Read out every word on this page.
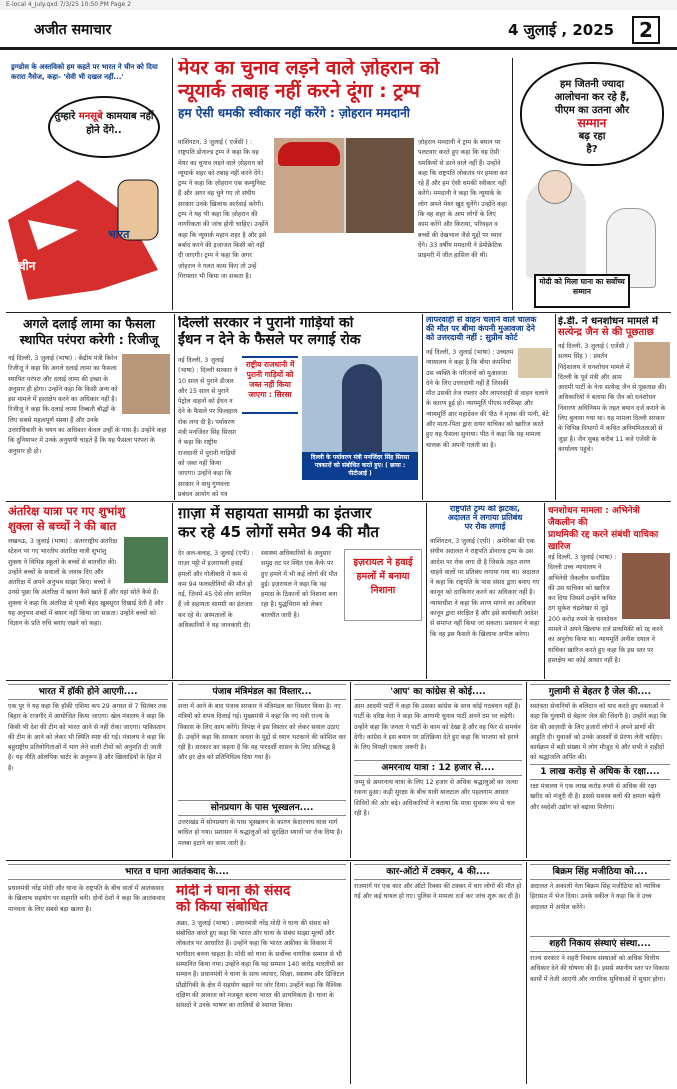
E-local 4_July.qxd 7/3/25 10:50 PM Page 2
अजीत समाचार	4 जुलाई , 2025	2
ड्रग्ग्डोस के अस्तविको हम कहते पर भारत ने चीन को दिया करारा नैसेज, कहा- 'सेवी भी दखल नहीं...'
तुम्हारे मनसूबे कामयाब नहीं होने देंगे..
चीन
भारत
मेयर का चुनाव लड़ने वाले ज़ोहरान को
न्यूयार्क तबाह नहीं करने दूंगा : ट्रम्प
हम ऐसी धमकी स्वीकार नहीं करेंगे : ज़ोहरान ममदानी
वाशिंगटन, 3 जुलाई ( एजेंसी ) : राष्ट्रपति डोनाल्ड ट्रम्प ने कहा कि वह मेयर का चुनाव लड़ने वाले ज़ोहरान को न्यूयार्क शहर को तबाह नहीं करने देंगे। ट्रम्प ने कहा कि ज़ोहरान एक कम्युनिस्ट हैं और अगर वह चुने गए तो संघीय सरकार उनके खिलाफ कार्रवाई करेगी। ट्रम्प ने यह भी कहा कि ज़ोहरान की नागरिकता की जांच होनी चाहिए। उन्होंने कहा कि न्यूयार्क महान शहर है और इसे बर्बाद करने की इजाजत किसी को नहीं दी जाएगी। ट्रम्प ने कहा कि अगर ज़ोहरान ने गलत काम किए तो उन्हें गिरफ्तार भी किया जा सकता है।
ज़ोहरान ममदानी ने ट्रम्प के बयान पर पलटवार करते हुए कहा कि वह ऐसी धमकियों से डरने वाले नहीं हैं। उन्होंने कहा कि राष्ट्रपति लोकतंत्र पर हमला कर रहे हैं और हम ऐसी धमकी स्वीकार नहीं करेंगे। ममदानी ने कहा कि न्यूयार्क के लोग अपने मेयर खुद चुनेंगे। उन्होंने कहा कि वह शहर के आम लोगों के लिए काम करेंगे और किराया, परिवहन व बच्चों की देखभाल जैसे मुद्दों पर ध्यान देंगे। 33 वर्षीय ममदानी ने डेमोक्रेटिक प्राइमरी में जीत हासिल की थी।
हम जितनी ज्यादा
आलोचना कर रहे हैं,
पीएम का उतना और
सम्मान
बढ़ रहा
है?
मोदी को मिला घाना का सर्वोच्च सम्मान
अगले दलाई लामा का फैसला स्थापित परंपरा करेगी : रिजीजू
नई दिल्ली, 3 जुलाई (भाषा) : केंद्रीय मंत्री किरेन रिजीजू ने कहा कि अगले दलाई लामा का फैसला स्थापित परंपरा और दलाई लामा की इच्छा के अनुसार ही होगा। उन्होंने कहा कि किसी अन्य को इस मामले में हस्तक्षेप करने का अधिकार नहीं है। रिजीजू ने कहा कि दलाई लामा तिब्बती बौद्धों के लिए सबसे महत्वपूर्ण संस्था हैं और उनके उत्तराधिकारी के चयन का अधिकार केवल उन्हीं के पास है। उन्होंने कहा कि दुनियाभर में उनके अनुयायी चाहते हैं कि यह फैसला परंपरा के अनुसार ही हो।
दिल्ली सरकार ने पुरानी गाड़ियों को
ईंधन न देने के फैसले पर लगाई रोक
नई दिल्ली, 3 जुलाई (भाषा) : दिल्ली सरकार ने 10 साल से पुराने डीजल और 15 साल से पुराने पेट्रोल वाहनों को ईंधन न देने के फैसले पर फिलहाल रोक लगा दी है। पर्यावरण मंत्री मनजिंदर सिंह सिरसा ने कहा कि राष्ट्रीय राजधानी में पुरानी गाड़ियों को जब्त नहीं किया जाएगा। उन्होंने कहा कि सरकार ने वायु गुणवत्ता प्रबंधन आयोग को पत्र
राष्ट्रीय राजधानी में पुरानी गाड़ियों को जब्त नहीं किया जाएगा : सिरसा
दिल्ली के पर्यावरण मंत्री मनजिंदर सिंह सिरसा पत्रकारों को संबोधित करते हुए। ( छाया : पीटीआई )
लापरवाही से वाहन चलाने वाले चालक
की मौत पर बीमा कंपनी मुआवजा देने
को उत्तरदायी नहीं : सुप्रीम कोर्ट
नई दिल्ली, 3 जुलाई (भाषा) : उच्चतम न्यायालय ने कहा है कि बीमा कंपनियां उस व्यक्ति के परिजनों को मुआवजा देने के लिए उत्तरदायी नहीं हैं जिसकी मौत उसकी तेज रफ्तार और लापरवाही से वाहन चलाने के कारण हुई हो। न्यायमूर्ति पीएस नरसिम्हा और न्यायमूर्ति आर महादेवन की पीठ ने मृतक की पत्नी, बेटे और माता-पिता द्वारा दायर याचिका को खारिज करते हुए यह फैसला सुनाया। पीठ ने कहा कि यह मामला चालक की अपनी गलती का है।
ई.डी. ने धनशोधन मामले में
सत्येन्द्र जैन से की पूछताछ
नई दिल्ली, 3 जुलाई ( एजेंसी / सत्यम सिंह ) : प्रवर्तन निदेशालय ने धनशोधन मामले में दिल्ली के पूर्व मंत्री और आम आदमी पार्टी के नेता सत्येन्द्र जैन से पूछताछ की। अधिकारियों ने बताया कि जैन को धनशोधन निवारण अधिनियम के तहत बयान दर्ज कराने के लिए बुलाया गया था। यह मामला दिल्ली सरकार के विभिन्न विभागों में कथित अनियमितताओं से जुड़ा है। जैन सुबह करीब 11 बजे एजेंसी के कार्यालय पहुंचे।
अंतरिक्ष यात्रा पर गए शुभांशु
शुक्ला से बच्चों ने की बात
लखनऊ, 3 जुलाई (भाषा) : अंतरराष्ट्रीय अंतरिक्ष स्टेशन पर गए भारतीय अंतरिक्ष यात्री शुभांशु शुक्ला ने विभिन्न स्कूलों के बच्चों से बातचीत की। उन्होंने बच्चों के सवालों के जवाब दिए और अंतरिक्ष में अपने अनुभव साझा किए। बच्चों ने उनसे पूछा कि अंतरिक्ष में खाना कैसे खाते हैं और वहां सोते कैसे हैं। शुक्ला ने कहा कि अंतरिक्ष से पृथ्वी बेहद खूबसूरत दिखाई देती है और यह अनुभव शब्दों में बयान नहीं किया जा सकता। उन्होंने बच्चों को विज्ञान के प्रति रुचि बनाए रखने को कहा।
ग़ाज़ा में सहायता सामग्री का इंतजार
कर रहे 45 लोगों समेत 94 की मौत
देर अल-बलाह, 3 जुलाई (एपी) : ग़ाज़ा पट्टी में इज़रायली हवाई हमलों और गोलीबारी में कम से कम 94 फलस्तीनियों की मौत हो गई, जिनमें 45 ऐसे लोग शामिल हैं जो सहायता सामग्री का इंतजार कर रहे थे। अस्पतालों के अधिकारियों ने यह जानकारी दी। स्वास्थ्य अधिकारियों के अनुसार समुद्र तट पर स्थित एक कैफे पर हुए हमले में भी कई लोगों की मौत हुई। इज़रायल ने कहा कि वह हमास के ठिकानों को निशाना बना रहा है। युद्धविराम को लेकर बातचीत जारी है।
इज़रायल ने हवाई हमलों में बनाया निशाना
राष्ट्रपति ट्रम्प को झटका,
अदालत ने लगाया प्रतिबंध
पर रोक लगाई
वाशिंगटन, 3 जुलाई (एपी) : अमेरिका की एक संघीय अदालत ने राष्ट्रपति डोनाल्ड ट्रम्प के उस आदेश पर रोक लगा दी है जिसके तहत शरण चाहने वालों पर प्रतिबंध लगाया गया था। अदालत ने कहा कि राष्ट्रपति के पास संसद द्वारा बनाए गए कानून को दरकिनार करने का अधिकार नहीं है। न्यायाधीश ने कहा कि शरण मांगने का अधिकार कानून द्वारा संरक्षित है और इसे कार्यकारी आदेश से समाप्त नहीं किया जा सकता। प्रशासन ने कहा कि वह इस फैसले के खिलाफ अपील करेगा।
धनशोधन मामला : अभिनेत्री जैकलीन की
प्राथमिकी रद्द करने संबंधी याचिका खारिज
नई दिल्ली, 3 जुलाई (भाषा) : दिल्ली उच्च न्यायालय ने अभिनेत्री जैकलीन फर्नांडिस की उस याचिका को खारिज कर दिया जिसमें उन्होंने कथित ठग सुकेश चंद्रशेखर से जुड़े 200 करोड़ रुपये के धनशोधन मामले में अपने खिलाफ दर्ज प्राथमिकी को रद्द करने का अनुरोध किया था। न्यायमूर्ति अनीश दयाल ने याचिका खारिज करते हुए कहा कि इस स्तर पर हस्तक्षेप का कोई आधार नहीं है।
भारत में हॉकी होने आएगी....
एक पुर ने यह कहा कि हॉकी एशिया कप 29 अगस्त से 7 सितंबर तक बिहार के राजगीर में आयोजित किया जाएगा। खेल मंत्रालय ने कहा कि किसी भी देश की टीम को भारत आने से नहीं रोका जाएगा। पाकिस्तान की टीम के आने को लेकर भी स्थिति स्पष्ट की गई। मंत्रालय ने कहा कि बहुराष्ट्रीय प्रतियोगिताओं में भाग लेने वाली टीमों को अनुमति दी जाती है। यह नीति ओलंपिक चार्टर के अनुरूप है और खिलाड़ियों के हित में है।
पंजाब मंत्रिमंडल का विस्तार...
सत्ता में आने के बाद पंजाब सरकार ने मंत्रिमंडल का विस्तार किया है। नए मंत्रियों को शपथ दिलाई गई। मुख्यमंत्री ने कहा कि नए मंत्री राज्य के विकास के लिए काम करेंगे। विपक्ष ने इस विस्तार को लेकर सवाल उठाए हैं। उन्होंने कहा कि सरकार जनता के मुद्दों से ध्यान भटकाने की कोशिश कर रही है। सरकार का कहना है कि वह पारदर्शी शासन के लिए प्रतिबद्ध है और हर क्षेत्र को प्रतिनिधित्व दिया गया है।
सोनप्रयाग के पास भूस्खलन....
उत्तराखंड में सोनप्रयाग के पास भूस्खलन के कारण केदारनाथ यात्रा मार्ग बाधित हो गया। प्रशासन ने श्रद्धालुओं को सुरक्षित स्थानों पर रोक दिया है। मलबा हटाने का काम जारी है।
'आप' का कांग्रेस से कोई....
आम आदमी पार्टी ने कहा कि उसका कांग्रेस के साथ कोई गठबंधन नहीं है। पार्टी के वरिष्ठ नेता ने कहा कि आगामी चुनाव पार्टी अपने दम पर लड़ेगी। उन्होंने कहा कि जनता ने पार्टी के काम को देखा है और वह फिर से समर्थन देगी। कांग्रेस ने इस बयान पर प्रतिक्रिया देते हुए कहा कि भाजपा को हराने के लिए विपक्षी एकता जरूरी है।
अमरनाथ यात्रा : 12 हजार से....
जम्मू से अमरनाथ यात्रा के लिए 12 हजार से अधिक श्रद्धालुओं का जत्था रवाना हुआ। कड़ी सुरक्षा के बीच यात्री बालटाल और पहलगाम आधार शिविरों की ओर बढ़े। अधिकारियों ने बताया कि यात्रा सुचारू रूप से चल रही है।
गुलामी से बेहतर है जेल की....
स्वतंत्रता सेनानियों के बलिदान को याद करते हुए वक्ताओं ने कहा कि गुलामी से बेहतर जेल की जिंदगी है। उन्होंने कहा कि देश की आज़ादी के लिए हजारों लोगों ने अपने प्राणों की आहुति दी। युवाओं को उनके आदर्शों से प्रेरणा लेनी चाहिए। कार्यक्रम में बड़ी संख्या में लोग मौजूद थे और सभी ने शहीदों को श्रद्धांजलि अर्पित की।
1 लाख करोड़ से अधिक के रक्षा....
रक्षा मंत्रालय ने एक लाख करोड़ रुपये से अधिक की रक्षा खरीद को मंजूरी दी है। इससे सशस्त्र बलों की क्षमता बढ़ेगी और स्वदेशी उद्योग को बढ़ावा मिलेगा।
भारत व घाना आतंकवाद के....
प्रधानमंत्री नरेंद्र मोदी और घाना के राष्ट्रपति के बीच वार्ता में आतंकवाद के खिलाफ सहयोग पर सहमति बनी। दोनों देशों ने कहा कि आतंकवाद मानवता के लिए सबसे बड़ा खतरा है।
मोदी ने घाना की संसद
को किया संबोधित
अक्रा, 3 जुलाई (भाषा) : प्रधानमंत्री नरेंद्र मोदी ने घाना की संसद को संबोधित करते हुए कहा कि भारत और घाना के संबंध साझा मूल्यों और लोकतंत्र पर आधारित हैं। उन्होंने कहा कि भारत अफ्रीका के विकास में भागीदार बनना चाहता है। मोदी को घाना के सर्वोच्च नागरिक सम्मान से भी सम्मानित किया गया। उन्होंने कहा कि यह सम्मान 140 करोड़ भारतीयों का सम्मान है। प्रधानमंत्री ने घाना के साथ व्यापार, शिक्षा, स्वास्थ्य और डिजिटल प्रौद्योगिकी के क्षेत्र में सहयोग बढ़ाने पर जोर दिया। उन्होंने कहा कि वैश्विक दक्षिण की आवाज को मजबूत करना भारत की प्राथमिकता है। घाना के सांसदों ने उनके भाषण का तालियों से स्वागत किया।
कार-ऑटो में टक्कर, 4 की....
राजमार्ग पर एक कार और ऑटो रिक्शा की टक्कर में चार लोगों की मौत हो गई और कई घायल हो गए। पुलिस ने मामला दर्ज कर जांच शुरू कर दी है।
बिक्रम सिंह मजीठिया को....
अदालत ने अकाली नेता बिक्रम सिंह मजीठिया को न्यायिक हिरासत में भेज दिया। उनके वकील ने कहा कि वे उच्च अदालत में अपील करेंगे।
शहरी निकाय संस्थाएं संस्था....
राज्य सरकार ने शहरी निकाय संस्थाओं को अधिक वित्तीय अधिकार देने की घोषणा की है। इससे स्थानीय स्तर पर विकास कार्यों में तेजी आएगी और नागरिक सुविधाओं में सुधार होगा।
